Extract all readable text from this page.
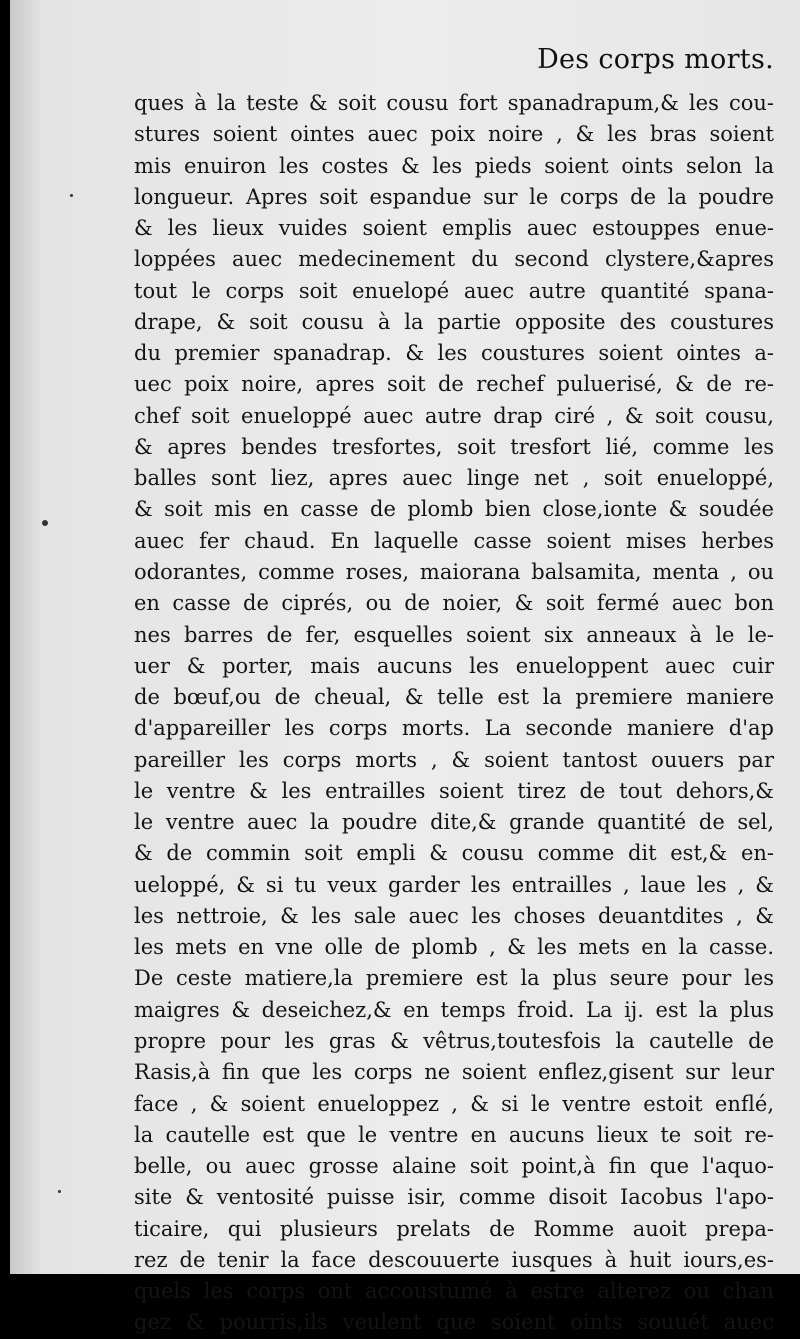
Des corps morts.
ques à la teste & soit cousu fort spanadrapum,& les cou-
stures soient ointes auec poix noire , & les bras soient
mis enuiron les costes & les pieds soient oints selon la
longueur. Apres soit espandue sur le corps de la poudre
& les lieux vuides soient emplis auec estouppes enue-
loppées auec medecinement du second clystere,&apres
tout le corps soit enuelopé auec autre quantité spana-
drape, & soit cousu à la partie opposite des coustures
du premier spanadrap. & les coustures soient ointes a-
uec poix noire, apres soit de rechef puluerisé, & de re-
chef soit enueloppé auec autre drap ciré , & soit cousu,
& apres bendes tresfortes, soit tresfort lié, comme les
balles sont liez, apres auec linge net , soit enueloppé,
& soit mis en casse de plomb bien close,ionte & soudée
auec fer chaud. En laquelle casse soient mises herbes
odorantes, comme roses, maiorana balsamita, menta , ou
en casse de ciprés, ou de noier, & soit fermé auec bon
nes barres de fer, esquelles soient six anneaux à le le-
uer & porter, mais aucuns les enueloppent auec cuir
de bœuf,ou de cheual, & telle est la premiere maniere
d'appareiller les corps morts. La seconde maniere d'ap
pareiller les corps morts , & soient tantost ouuers par
le ventre & les entrailles soient tirez de tout dehors,&
le ventre auec la poudre dite,& grande quantité de sel,
& de commin soit empli & cousu comme dit est,& en-
ueloppé, & si tu veux garder les entrailles , laue les , &
les nettroie, & les sale auec les choses deuantdites , &
les mets en vne olle de plomb , & les mets en la casse.
De ceste matiere,la premiere est la plus seure pour les
maigres & deseichez,& en temps froid. La ij. est la plus
propre pour les gras & vêtrus,toutesfois la cautelle de
Rasis,à fin que les corps ne soient enflez,gisent sur leur
face , & soient enueloppez , & si le ventre estoit enflé,
la cautelle est que le ventre en aucuns lieux te soit re-
belle, ou auec grosse alaine soit point,à fin que l'aquo-
site & ventosité puisse isir, comme disoit Iacobus l'apo-
ticaire, qui plusieurs prelats de Romme auoit prepa-
rez de tenir la face descouuerte iusques à huit iours,es-
quels les corps ont accoustumé à estre alterez ou chan
gez & pourris,ils veulent que soient oints souuét auec
